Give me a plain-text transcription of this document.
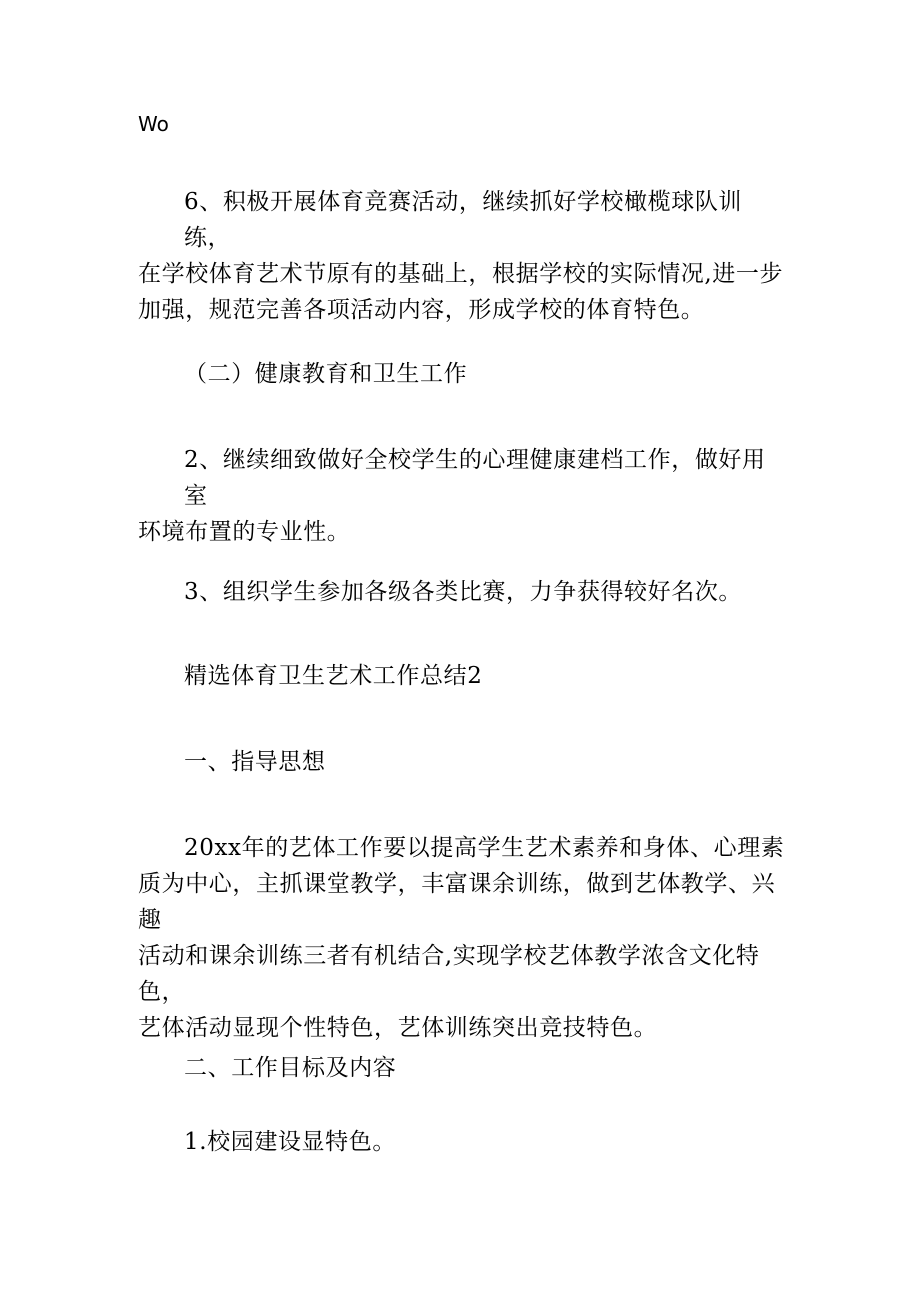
Wo
6、积极开展体育竞赛活动，继续抓好学校橄榄球队训练，
在学校体育艺术节原有的基础上，根据学校的实际情况,进一步
加强，规范完善各项活动内容，形成学校的体育特色。
（二）健康教育和卫生工作
2、继续细致做好全校学生的心理健康建档工作，做好用室
环境布置的专业性。
3、组织学生参加各级各类比赛，力争获得较好名次。
精选体育卫生艺术工作总结2
一、指导思想
20xx年的艺体工作要以提高学生艺术素养和身体、心理素
质为中心，主抓课堂教学，丰富课余训练，做到艺体教学、兴趣
活动和课余训练三者有机结合,实现学校艺体教学浓含文化特色，
艺体活动显现个性特色，艺体训练突出竞技特色。
二、工作目标及内容
1.校园建设显特色。
